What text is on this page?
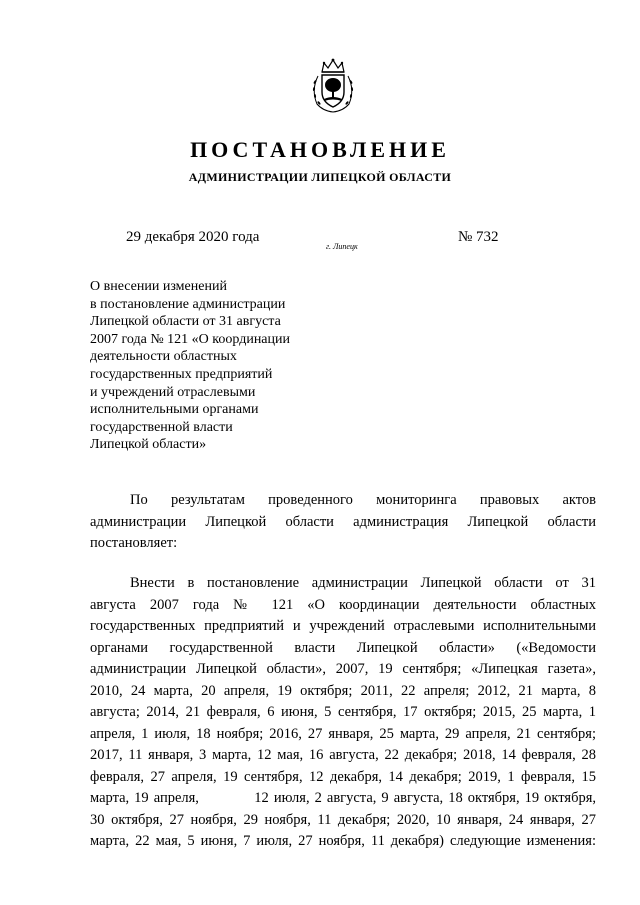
ПОСТАНОВЛЕНИЕ
АДМИНИСТРАЦИИ ЛИПЕЦКОЙ ОБЛАСТИ
29 декабря 2020 года
г. Липецк
№ 732
О внесении изменений
в постановление администрации
Липецкой области от 31 августа
2007 года № 121 «О координации
деятельности областных
государственных предприятий
и учреждений отраслевыми
исполнительными органами
государственной власти
Липецкой области»
По результатам проведенного мониторинга правовых актов
администрации Липецкой области администрация Липецкой области
постановляет:
Внести в постановление администрации Липецкой области от 31
августа 2007 года № 121 «О координации деятельности областных
государственных предприятий и учреждений отраслевыми исполнительными
органами государственной власти Липецкой области» («Ведомости
администрации Липецкой области», 2007, 19 сентября; «Липецкая газета»,
2010, 24 марта, 20 апреля, 19 октября; 2011, 22 апреля; 2012, 21 марта, 8
августа; 2014, 21 февраля, 6 июня, 5 сентября, 17 октября; 2015, 25 марта, 1
апреля, 1 июля, 18 ноября; 2016, 27 января, 25 марта, 29 апреля, 21 сентября;
2017, 11 января, 3 марта, 12 мая, 16 августа, 22 декабря; 2018, 14 февраля, 28
февраля, 27 апреля, 19 сентября, 12 декабря, 14 декабря; 2019, 1 февраля, 15
марта, 19 апреля,           12 июля, 2 августа, 9 августа, 18 октября, 19 октября,
30 октября, 27 ноября, 29 ноября, 11 декабря; 2020, 10 января, 24 января, 27
марта, 22 мая, 5 июня, 7 июля, 27 ноября, 11 декабря) следующие изменения:
